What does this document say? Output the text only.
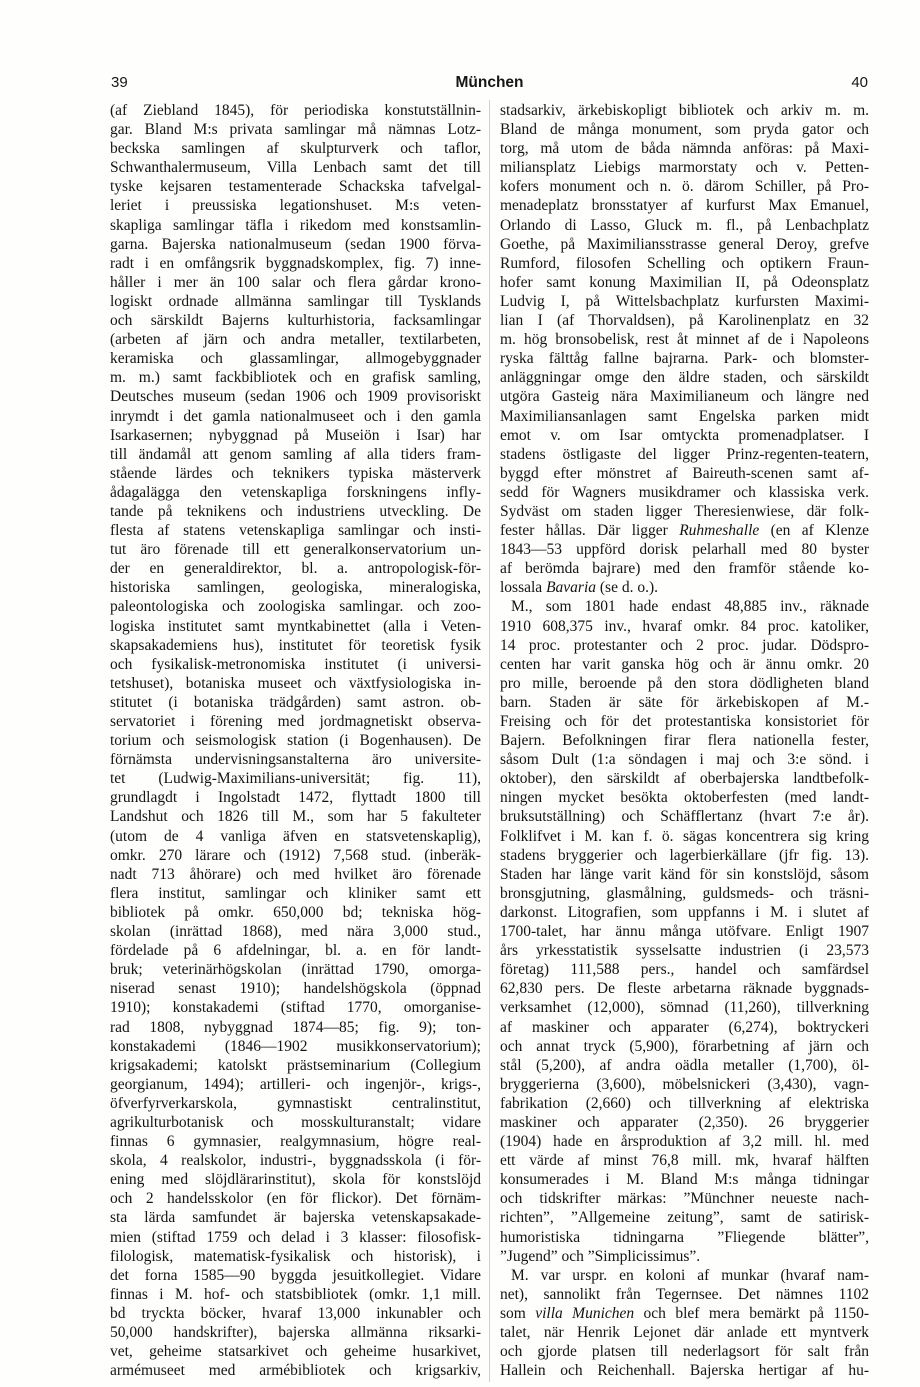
39	München	40
(af Ziebland 1845), för periodiska konstutställnin-
gar. Bland M:s privata samlingar må nämnas Lotz-
beckska samlingen af skulpturverk och taflor,
Schwanthalermuseum, Villa Lenbach samt det till
tyske kejsaren testamenterade Schackska tafvelgal-
leriet i preussiska legationshuset. M:s veten-
skapliga samlingar täfla i rikedom med konstsamlin-
garna. Bajerska nationalmuseum (sedan 1900 förva-
radt i en omfångsrik byggnadskomplex, fig. 7) inne-
håller i mer än 100 salar och flera gårdar krono-
logiskt ordnade allmänna samlingar till Tysklands
och särskildt Bajerns kulturhistoria, facksamlingar
(arbeten af järn och andra metaller, textilarbeten,
keramiska och glassamlingar, allmogebyggnader
m. m.) samt fackbibliotek och en grafisk samling,
Deutsches museum (sedan 1906 och 1909 provisoriskt
inrymdt i det gamla nationalmuseet och i den gamla
Isarkasernen; nybyggnad på Museiön i Isar) har
till ändamål att genom samling af alla tiders fram-
stående lärdes och teknikers typiska mästerverk
ådagalägga den vetenskapliga forskningens infly-
tande på teknikens och industriens utveckling. De
flesta af statens vetenskapliga samlingar och insti-
tut äro förenade till ett generalkonservatorium un-
der en generaldirektor, bl. a. antropologisk-för-
historiska samlingen, geologiska, mineralogiska,
paleontologiska och zoologiska samlingar. och zoo-
logiska institutet samt myntkabinettet (alla i Veten-
skapsakademiens hus), institutet för teoretisk fysik
och fysikalisk-metronomiska institutet (i universi-
tetshuset), botaniska museet och växtfysiologiska in-
stitutet (i botaniska trädgården) samt astron. ob-
servatoriet i förening med jordmagnetiskt observa-
torium och seismologisk station (i Bogenhausen). De
förnämsta undervisningsanstalterna äro universite-
tet (Ludwig-Maximilians-universität; fig. 11),
grundlagdt i Ingolstadt 1472, flyttadt 1800 till
Landshut och 1826 till M., som har 5 fakulteter
(utom de 4 vanliga äfven en statsvetenskaplig),
omkr. 270 lärare och (1912) 7,568 stud. (inberäk-
nadt 713 åhörare) och med hvilket äro förenade
flera institut, samlingar och kliniker samt ett
bibliotek på omkr. 650,000 bd; tekniska hög-
skolan (inrättad 1868), med nära 3,000 stud.,
fördelade på 6 afdelningar, bl. a. en för landt-
bruk; veterinärhögskolan (inrättad 1790, omorga-
niserad senast 1910); handelshögskola (öppnad
1910); konstakademi (stiftad 1770, omorganise-
rad 1808, nybyggnad 1874—85; fig. 9); ton-
konstakademi (1846—1902 musikkonservatorium);
krigsakademi; katolskt prästseminarium (Collegium
georgianum, 1494); artilleri- och ingenjör-, krigs-,
öfverfyrverkarskola, gymnastiskt centralinstitut,
agrikulturbotanisk och mosskulturanstalt; vidare
finnas 6 gymnasier, realgymnasium, högre real-
skola, 4 realskolor, industri-, byggnadsskola (i för-
ening med slöjdlärarinstitut), skola för konstslöjd
och 2 handelsskolor (en för flickor). Det förnäm-
sta lärda samfundet är bajerska vetenskapsakade-
mien (stiftad 1759 och delad i 3 klasser: filosofisk-
filologisk, matematisk-fysikalisk och historisk), i
det forna 1585—90 byggda jesuitkollegiet. Vidare
finnas i M. hof- och statsbibliotek (omkr. 1,1 mill.
bd tryckta böcker, hvaraf 13,000 inkunabler och
50,000 handskrifter), bajerska allmänna riksarki-
vet, geheime statsarkivet och geheime husarkivet,
armémuseet med armébibliotek och krigsarkiv,
stadsarkiv, ärkebiskopligt bibliotek och arkiv m. m.
Bland de många monument, som pryda gator och
torg, må utom de båda nämnda anföras: på Maxi-
miliansplatz Liebigs marmorstaty och v. Petten-
kofers monument och n. ö. därom Schiller, på Pro-
menadeplatz bronsstatyer af kurfurst Max Emanuel,
Orlando di Lasso, Gluck m. fl., på Lenbachplatz
Goethe, på Maximiliansstrasse general Deroy, grefve
Rumford, filosofen Schelling och optikern Fraun-
hofer samt konung Maximilian II, på Odeonsplatz
Ludvig I, på Wittelsbachplatz kurfursten Maximi-
lian I (af Thorvaldsen), på Karolinenplatz en 32
m. hög bronsobelisk, rest åt minnet af de i Napoleons
ryska fälttåg fallne bajrarna. Park- och blomster-
anläggningar omge den äldre staden, och särskildt
utgöra Gasteig nära Maximilianeum och längre ned
Maximiliansanlagen samt Engelska parken midt
emot v. om Isar omtyckta promenadplatser. I
stadens östligaste del ligger Prinz-regenten-teatern,
byggd efter mönstret af Baireuth-scenen samt af-
sedd för Wagners musikdramer och klassiska verk.
Sydväst om staden ligger Theresienwiese, där folk-
fester hållas. Där ligger Ruhmeshalle (en af Klenze
1843—53 uppförd dorisk pelarhall med 80 byster
af berömda bajrare) med den framför stående ko-
lossala Bavaria (se d. o.).
M., som 1801 hade endast 48,885 inv., räknade
1910 608,375 inv., hvaraf omkr. 84 proc. katoliker,
14 proc. protestanter och 2 proc. judar. Dödspro-
centen har varit ganska hög och är ännu omkr. 20
pro mille, beroende på den stora dödligheten bland
barn. Staden är säte för ärkebiskopen af M.-
Freising och för det protestantiska konsistoriet för
Bajern. Befolkningen firar flera nationella fester,
såsom Dult (1:a söndagen i maj och 3:e sönd. i
oktober), den särskildt af oberbajerska landtbefolk-
ningen mycket besökta oktoberfesten (med landt-
bruksutställning) och Schäfflertanz (hvart 7:e år).
Folklifvet i M. kan f. ö. sägas koncentrera sig kring
stadens bryggerier och lagerbierkällare (jfr fig. 13).
Staden har länge varit känd för sin konstslöjd, såsom
bronsgjutning, glasmålning, guldsmeds- och träsni-
darkonst. Litografien, som uppfanns i M. i slutet af
1700-talet, har ännu många utöfvare. Enligt 1907
års yrkesstatistik sysselsatte industrien (i 23,573
företag) 111,588 pers., handel och samfärdsel
62,830 pers. De fleste arbetarna räknade byggnads-
verksamhet (12,000), sömnad (11,260), tillverkning
af maskiner och apparater (6,274), boktryckeri
och annat tryck (5,900), förarbetning af järn och
stål (5,200), af andra oädla metaller (1,700), öl-
bryggerierna (3,600), möbelsnickeri (3,430), vagn-
fabrikation (2,660) och tillverkning af elektriska
maskiner och apparater (2,350). 26 bryggerier
(1904) hade en årsproduktion af 3,2 mill. hl. med
ett värde af minst 76,8 mill. mk, hvaraf hälften
konsumerades i M. Bland M:s många tidningar
och tidskrifter märkas: ”Münchner neueste nach-
richten”, ”Allgemeine zeitung”, samt de satirisk-
humoristiska tidningarna ”Fliegende blätter”,
”Jugend” och ”Simplicissimus”.
M. var urspr. en koloni af munkar (hvaraf nam-
net), sannolikt från Tegernsee. Det nämnes 1102
som villa Munichen och blef mera bemärkt på 1150-
talet, när Henrik Lejonet där anlade ett myntverk
och gjorde platsen till nederlagsort för salt från
Hallein och Reichenhall. Bajerska hertigar af hu-
